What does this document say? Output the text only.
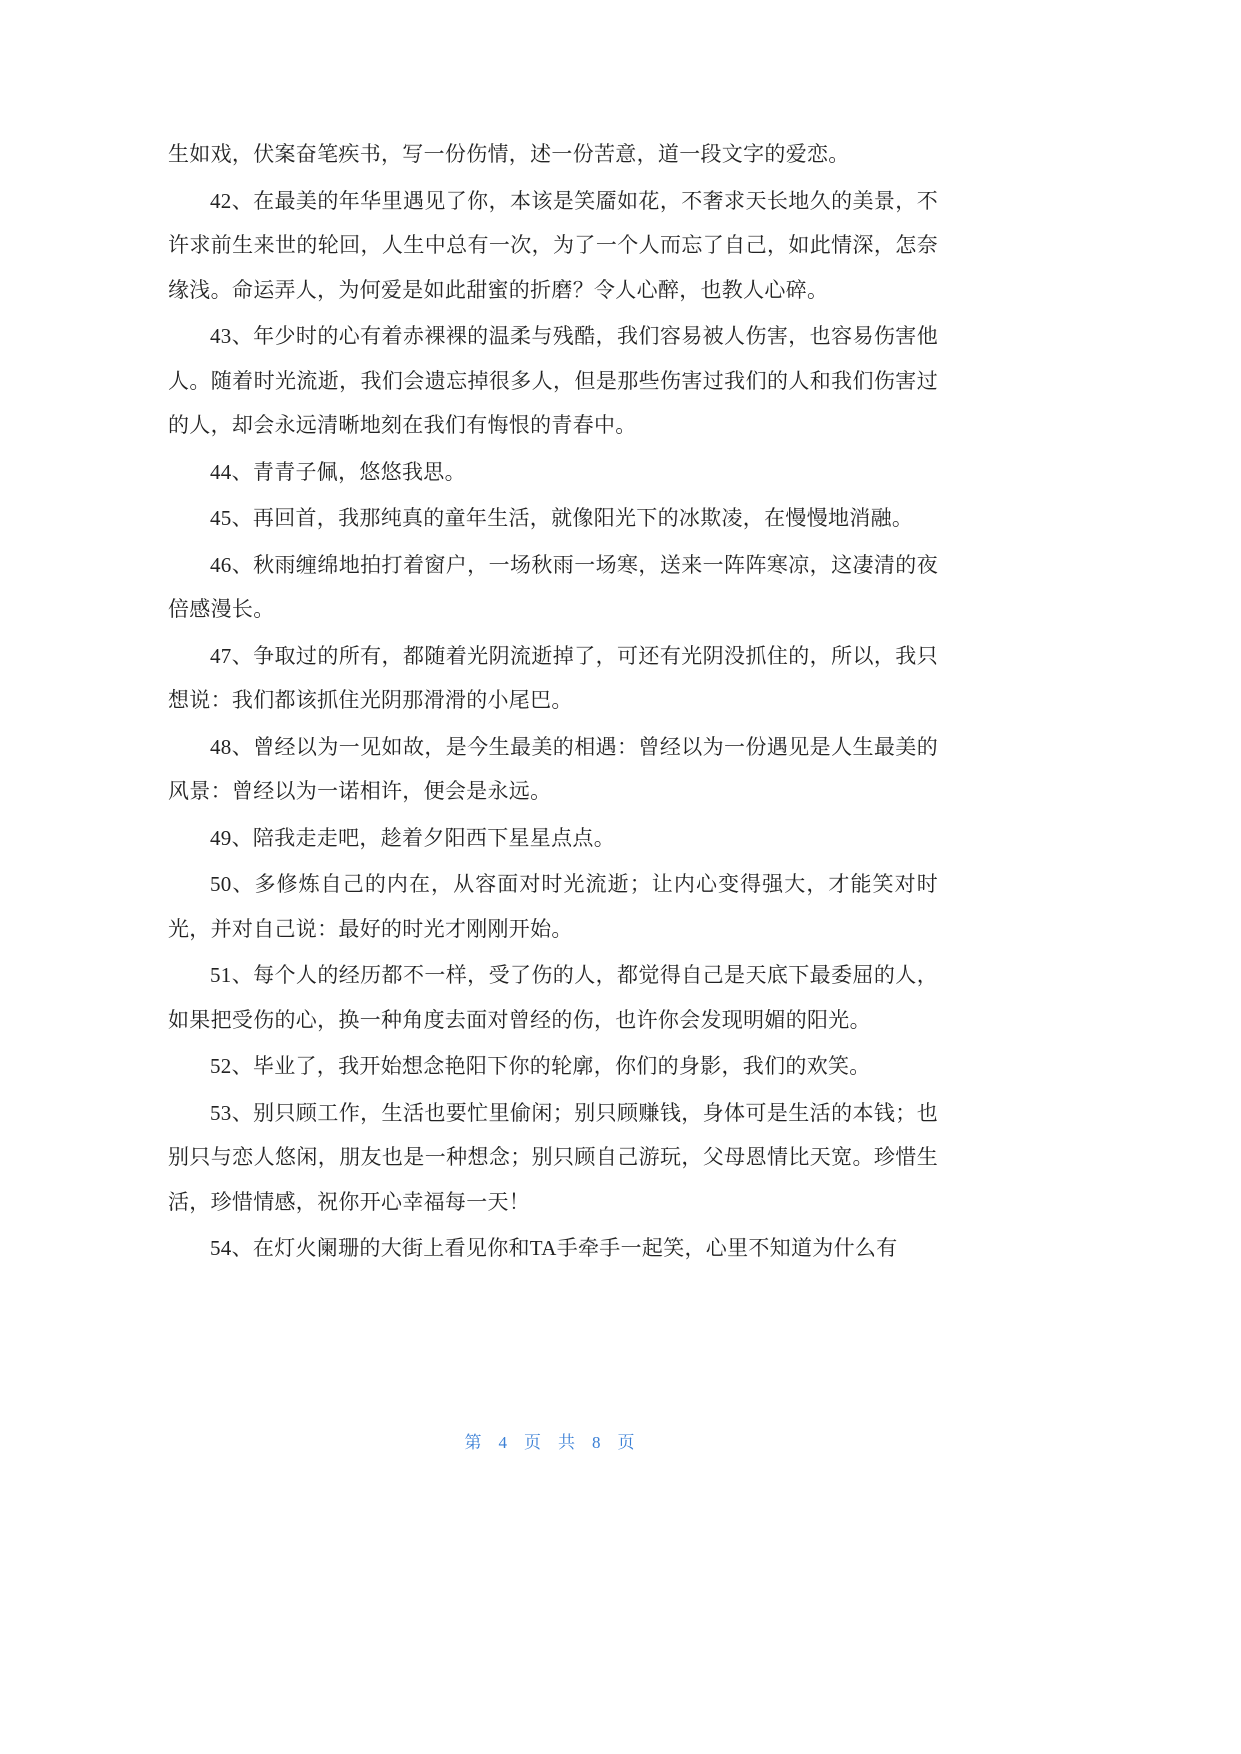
生如戏，伏案奋笔疾书，写一份伤情，述一份苦意，道一段文字的爱恋。

42、在最美的年华里遇见了你，本该是笑靥如花，不奢求天长地久的美景，不许求前生来世的轮回，人生中总有一次，为了一个人而忘了自己，如此情深，怎奈缘浅。命运弄人，为何爱是如此甜蜜的折磨？令人心醉，也教人心碎。

43、年少时的心有着赤裸裸的温柔与残酷，我们容易被人伤害，也容易伤害他人。随着时光流逝，我们会遗忘掉很多人，但是那些伤害过我们的人和我们伤害过的人，却会永远清晰地刻在我们有悔恨的青春中。

44、青青子佩，悠悠我思。

45、再回首，我那纯真的童年生活，就像阳光下的冰欺凌，在慢慢地消融。

46、秋雨缠绵地拍打着窗户，一场秋雨一场寒，送来一阵阵寒凉，这凄清的夜倍感漫长。

47、争取过的所有，都随着光阴流逝掉了，可还有光阴没抓住的，所以，我只想说：我们都该抓住光阴那滑滑的小尾巴。

48、曾经以为一见如故，是今生最美的相遇：曾经以为一份遇见是人生最美的风景：曾经以为一诺相许，便会是永远。

49、陪我走走吧，趁着夕阳西下星星点点。

50、多修炼自己的内在，从容面对时光流逝；让内心变得强大，才能笑对时光，并对自己说：最好的时光才刚刚开始。

51、每个人的经历都不一样，受了伤的人，都觉得自己是天底下最委屈的人，如果把受伤的心，换一种角度去面对曾经的伤，也许你会发现明媚的阳光。

52、毕业了，我开始想念艳阳下你的轮廓，你们的身影，我们的欢笑。

53、别只顾工作，生活也要忙里偷闲；别只顾赚钱，身体可是生活的本钱；也别只与恋人悠闲，朋友也是一种想念；别只顾自己游玩，父母恩情比天宽。珍惜生活，珍惜情感，祝你开心幸福每一天！

54、在灯火阑珊的大街上看见你和TA手牵手一起笑，心里不知道为什么有

第 4 页 共 8 页
